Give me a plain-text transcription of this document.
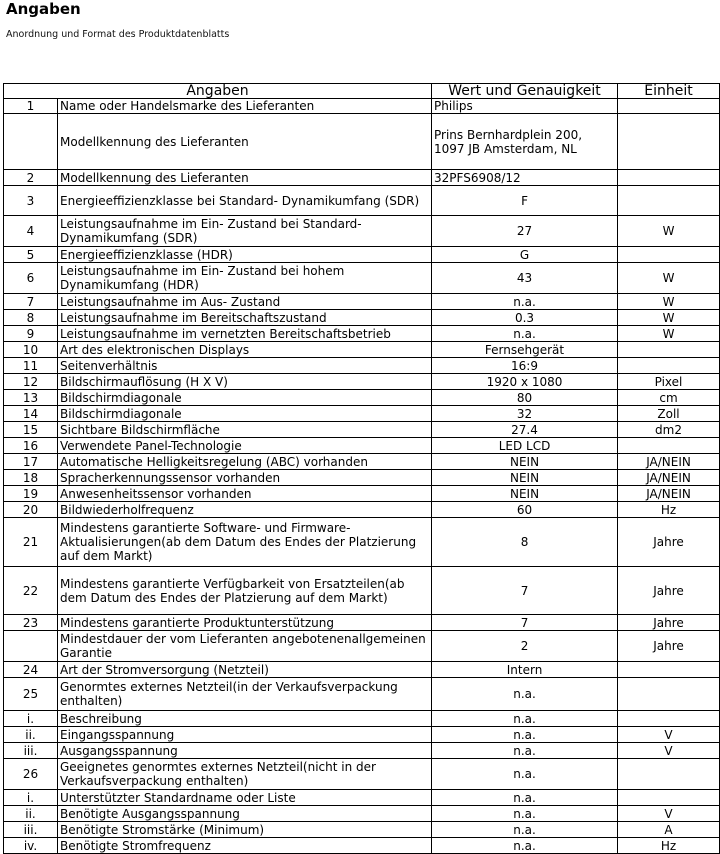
Angaben
Anordnung und Format des Produktdatenblatts
Angaben		Wert und Genauigkeit	Einheit
1	Name oder Handelsmarke des Lieferanten	Philips	
	Modellkennung des Lieferanten	Prins Bernhardplein 200,
1097 JB Amsterdam, NL	
2	Modellkennung des Lieferanten	32PFS6908/12	
3	Energieeffizienzklasse bei Standard- Dynamikumfang (SDR)	F	
4	Leistungsaufnahme im Ein- Zustand bei Standard-Dynamikumfang (SDR)	27	W
5	Energieeffizienzklasse (HDR)	G	
6	Leistungsaufnahme im Ein- Zustand bei hohem Dynamikumfang (HDR)	43	W
7	Leistungsaufnahme im Aus- Zustand	n.a.	W
8	Leistungsaufnahme im Bereitschaftszustand	0.3	W
9	Leistungsaufnahme im vernetzten Bereitschaftsbetrieb	n.a.	W
10	Art des elektronischen Displays	Fernsehgerät	
11	Seitenverhältnis	16:9	
12	Bildschirmauflösung (H X V)	1920 x 1080	Pixel
13	Bildschirmdiagonale	80	cm
14	Bildschirmdiagonale	32	Zoll
15	Sichtbare Bildschirmfläche	27.4	dm2
16	Verwendete Panel-Technologie	LED LCD	
17	Automatische Helligkeitsregelung (ABC) vorhanden	NEIN	JA/NEIN
18	Spracherkennungssensor vorhanden	NEIN	JA/NEIN
19	Anwesenheitssensor vorhanden	NEIN	JA/NEIN
20	Bildwiederholfrequenz	60	Hz
21	Mindestens garantierte Software- und Firmware-Aktualisierungen(ab dem Datum des Endes der Platzierung auf dem Markt)	8	Jahre
22	Mindestens garantierte Verfügbarkeit von Ersatzteilen(ab dem Datum des Endes der Platzierung auf dem Markt)	7	Jahre
23	Mindestens garantierte Produktunterstützung	7	Jahre
	Mindestdauer der vom Lieferanten angebotenenallgemeinen Garantie	2	Jahre
24	Art der Stromversorgung (Netzteil)	Intern	
25	Genormtes externes Netzteil(in der Verkaufsverpackung enthalten)	n.a.	
i.	Beschreibung	n.a.	
ii.	Eingangsspannung	n.a.	V
iii.	Ausgangsspannung	n.a.	V
26	Geeignetes genormtes externes Netzteil(nicht in der Verkaufsverpackung enthalten)	n.a.	
i.	Unterstützter Standardname oder Liste	n.a.	
ii.	Benötigte Ausgangsspannung	n.a.	V
iii.	Benötigte Stromstärke (Minimum)	n.a.	A
iv.	Benötigte Stromfrequenz	n.a.	Hz
